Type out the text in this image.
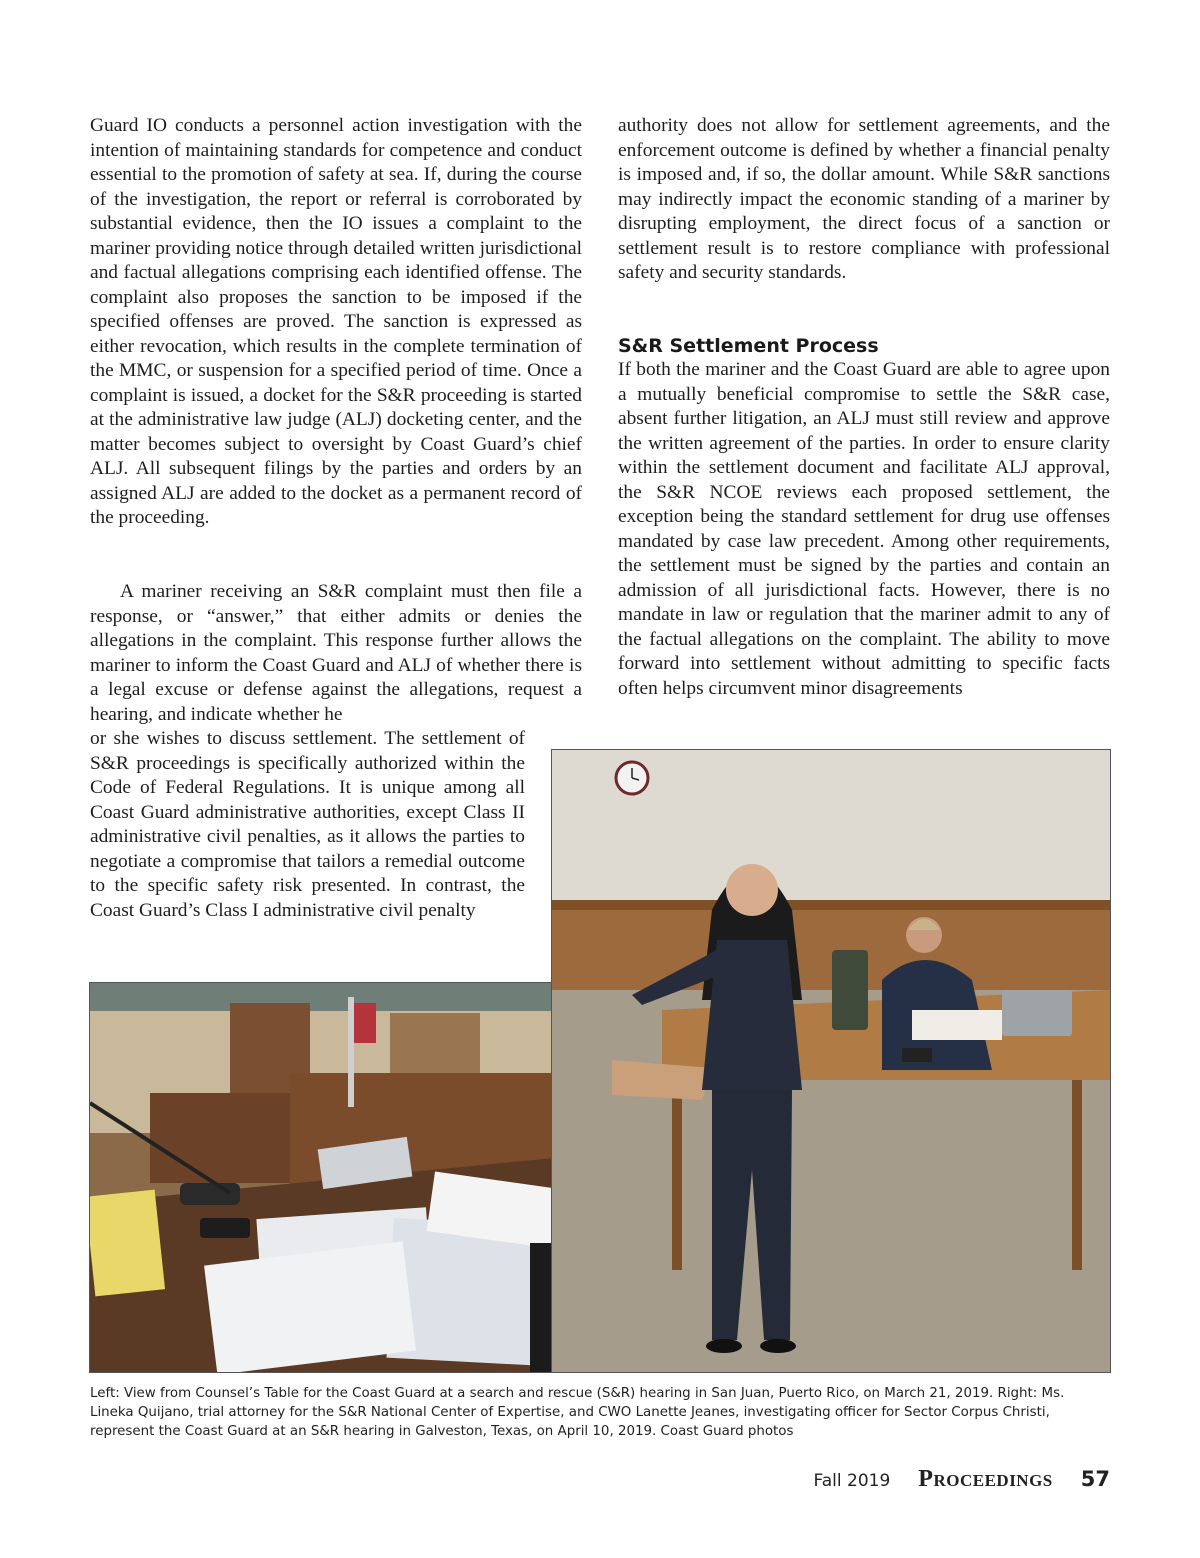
Guard IO conducts a personnel action investigation with the intention of maintaining standards for competence and conduct essential to the promotion of safety at sea. If, during the course of the investigation, the report or referral is corroborated by substantial evidence, then the IO issues a complaint to the mariner providing notice through detailed written jurisdictional and factual allegations comprising each identified offense. The complaint also proposes the sanction to be imposed if the specified offenses are proved. The sanction is expressed as either revocation, which results in the complete termination of the MMC, or suspension for a specified period of time. Once a complaint is issued, a docket for the S&R proceeding is started at the administrative law judge (ALJ) docketing center, and the matter becomes subject to oversight by Coast Guard’s chief ALJ. All subsequent filings by the parties and orders by an assigned ALJ are added to the docket as a permanent record of the proceeding.

A mariner receiving an S&R complaint must then file a response, or “answer,” that either admits or denies the allegations in the complaint. This response further allows the mariner to inform the Coast Guard and ALJ of whether there is a legal excuse or defense against the allegations, request a hearing, and indicate whether he

or she wishes to discuss settlement. The settlement of S&R proceedings is specifically authorized within the Code of Federal Regulations. It is unique among all Coast Guard administrative authorities, except Class II administrative civil penalties, as it allows the parties to negotiate a compromise that tailors a remedial outcome to the specific safety risk presented. In contrast, the Coast Guard’s Class I administrative civil penalty

authority does not allow for settlement agreements, and the enforcement outcome is defined by whether a financial penalty is imposed and, if so, the dollar amount. While S&R sanctions may indirectly impact the economic standing of a mariner by disrupting employment, the direct focus of a sanction or settlement result is to restore compliance with professional safety and security standards.

S&R Settlement Process

If both the mariner and the Coast Guard are able to agree upon a mutually beneficial compromise to settle the S&R case, absent further litigation, an ALJ must still review and approve the written agreement of the parties. In order to ensure clarity within the settlement document and facilitate ALJ approval, the S&R NCOE reviews each proposed settlement, the exception being the standard settlement for drug use offenses mandated by case law precedent. Among other requirements, the settlement must be signed by the parties and contain an admission of all jurisdictional facts. However, there is no mandate in law or regulation that the mariner admit to any of the factual allegations on the complaint. The ability to move forward into settlement without admitting to specific facts often helps circumvent minor disagreements

Left: View from Counsel’s Table for the Coast Guard at a search and rescue (S&R) hearing in San Juan, Puerto Rico, on March 21, 2019. Right: Ms. Lineka Quijano, trial attorney for the S&R National Center of Expertise, and CWO Lanette Jeanes, investigating officer for Sector Corpus Christi, represent the Coast Guard at an S&R hearing in Galveston, Texas, on April 10, 2019. Coast Guard photos

Fall 2019 Proceedings 57
